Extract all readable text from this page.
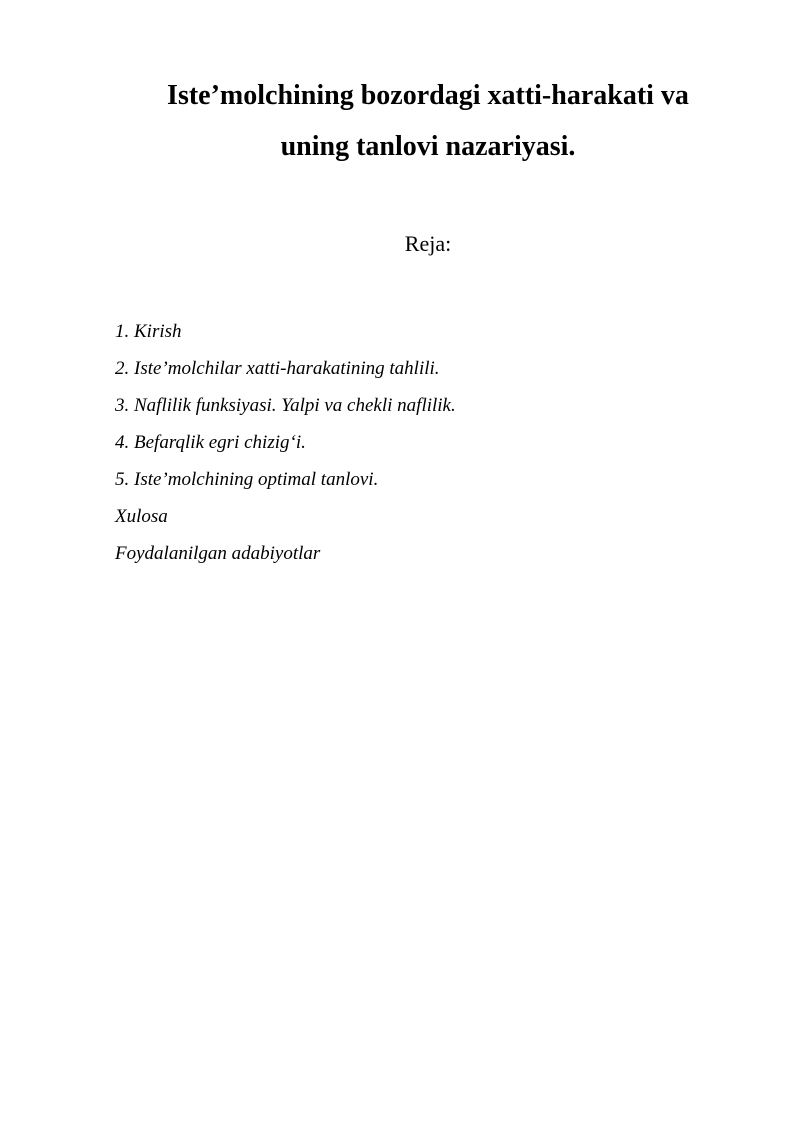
Iste’molchining bozordagi xatti-harakati va
uning tanlovi nazariyasi.

Reja:

1. Kirish
2. Iste’molchilar xatti-harakatining tahlili.
3. Naflilik funksiyasi. Yalpi va chekli naflilik.
4. Befarqlik egri chizig‘i.
5. Iste’molchining optimal tanlovi.
Xulosa
Foydalanilgan adabiyotlar
